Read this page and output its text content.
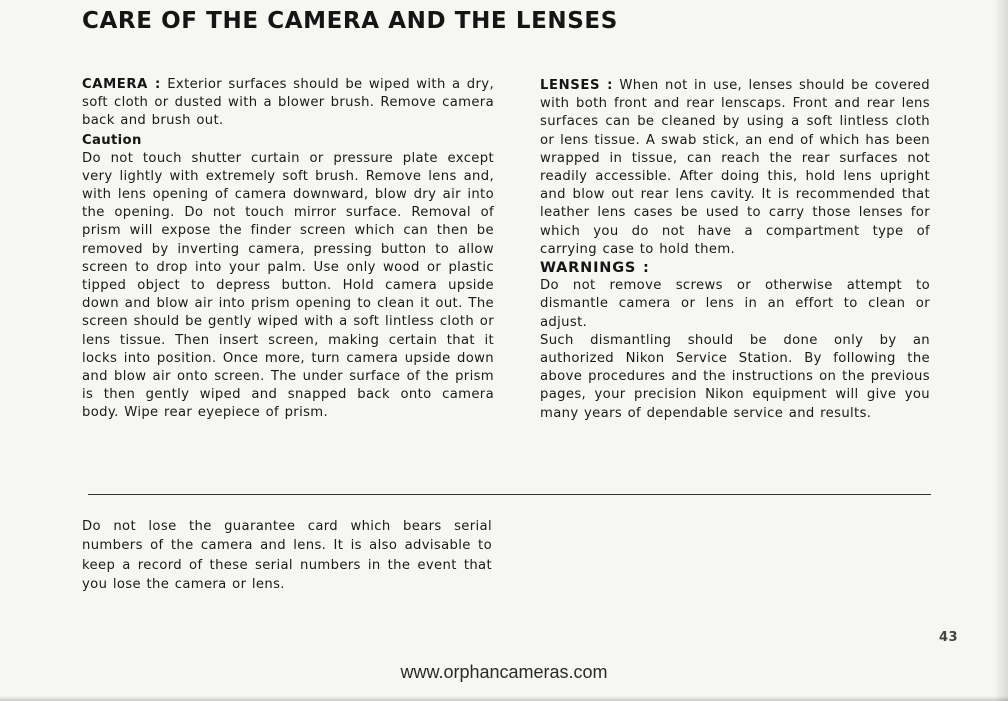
CARE OF THE CAMERA AND THE LENSES

CAMERA : Exterior surfaces should be wiped with a dry, soft cloth or dusted with a blower brush. Remove camera back and brush out.

Caution

Do not touch shutter curtain or pressure plate except very lightly with extremely soft brush. Remove lens and, with lens opening of camera downward, blow dry air into the opening. Do not touch mirror surface. Removal of prism will expose the finder screen which can then be removed by inverting camera, pressing button to allow screen to drop into your palm. Use only wood or plastic tipped object to depress button. Hold camera upside down and blow air into prism opening to clean it out. The screen should be gently wiped with a soft lintless cloth or lens tissue. Then insert screen, making certain that it locks into position. Once more, turn camera upside down and blow air onto screen. The under surface of the prism is then gently wiped and snapped back onto camera body. Wipe rear eyepiece of prism.

LENSES : When not in use, lenses should be covered with both front and rear lenscaps. Front and rear lens surfaces can be cleaned by using a soft lintless cloth or lens tissue. A swab stick, an end of which has been wrapped in tissue, can reach the rear surfaces not readily accessible. After doing this, hold lens upright and blow out rear lens cavity. It is recommended that leather lens cases be used to carry those lenses for which you do not have a compartment type of carrying case to hold them.

WARNINGS :

Do not remove screws or otherwise attempt to dismantle camera or lens in an effort to clean or adjust.

Such dismantling should be done only by an authorized Nikon Service Station. By following the above procedures and the instructions on the previous pages, your precision Nikon equipment will give you many years of dependable service and results.

Do not lose the guarantee card which bears serial numbers of the camera and lens. It is also advisable to keep a record of these serial numbers in the event that you lose the camera or lens.

43
www.orphancameras.com
